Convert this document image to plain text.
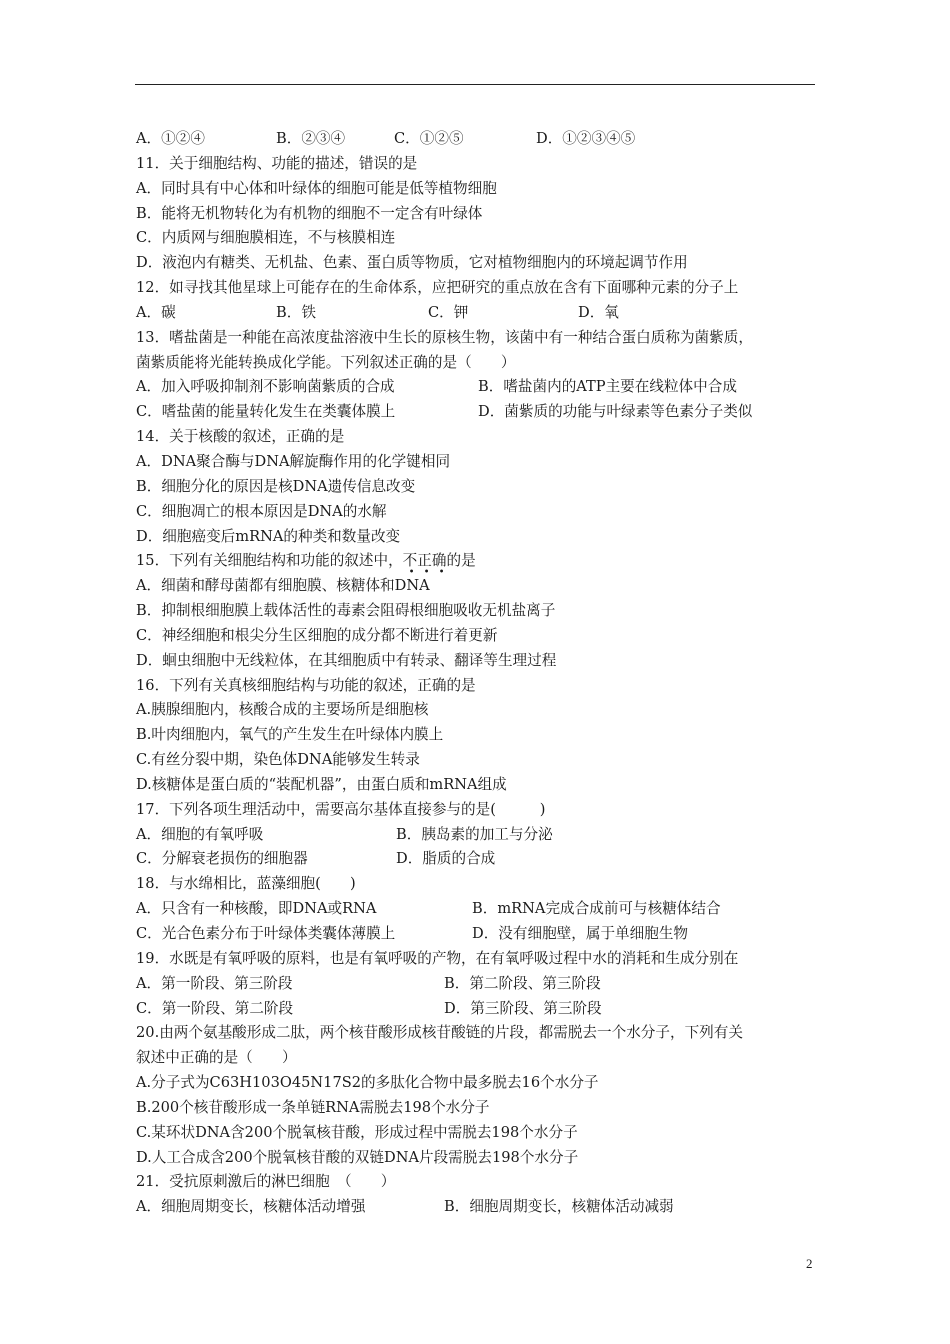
A．①②④	B．②③④	C．①②⑤	D．①②③④⑤
11．关于细胞结构、功能的描述，错误的是
A．同时具有中心体和叶绿体的细胞可能是低等植物细胞
B．能将无机物转化为有机物的细胞不一定含有叶绿体
C．内质网与细胞膜相连，不与核膜相连
D．液泡内有糖类、无机盐、色素、蛋白质等物质，它对植物细胞内的环境起调节作用
12．如寻找其他星球上可能存在的生命体系，应把研究的重点放在含有下面哪种元素的分子上
A．碳	B．铁	C．钾	D．氧
13．嗜盐菌是一种能在高浓度盐溶液中生长的原核生物，该菌中有一种结合蛋白质称为菌紫质，
菌紫质能将光能转换成化学能。下列叙述正确的是（　　）
A．加入呼吸抑制剂不影响菌紫质的合成	B．嗜盐菌内的ATP主要在线粒体中合成
C．嗜盐菌的能量转化发生在类囊体膜上	D．菌紫质的功能与叶绿素等色素分子类似
14．关于核酸的叙述，正确的是
A．DNA聚合酶与DNA解旋酶作用的化学键相同
B．细胞分化的原因是核DNA遗传信息改变
C．细胞凋亡的根本原因是DNA的水解
D．细胞癌变后mRNA的种类和数量改变
15．下列有关细胞结构和功能的叙述中，不正确
• • •
的是
A．细菌和酵母菌都有细胞膜、核糖体和DNA
B．抑制根细胞膜上载体活性的毒素会阻碍根细胞吸收无机盐离子
C．神经细胞和根尖分生区细胞的成分都不断进行着更新
D．蛔虫细胞中无线粒体，在其细胞质中有转录、翻译等生理过程
16．下列有关真核细胞结构与功能的叙述，正确的是
A.胰腺细胞内，核酸合成的主要场所是细胞核
B.叶肉细胞内，氧气的产生发生在叶绿体内膜上
C.有丝分裂中期，染色体DNA能够发生转录
D.核糖体是蛋白质的“装配机器”，由蛋白质和mRNA组成
17．下列各项生理活动中，需要高尔基体直接参与的是(　　　)
A．细胞的有氧呼吸	B．胰岛素的加工与分泌
C．分解衰老损伤的细胞器	D．脂质的合成
18．与水绵相比，蓝藻细胞(　　)
A．只含有一种核酸，即DNA或RNA	B．mRNA完成合成前可与核糖体结合
C．光合色素分布于叶绿体类囊体薄膜上	D．没有细胞壁，属于单细胞生物
19．水既是有氧呼吸的原料，也是有氧呼吸的产物，在有氧呼吸过程中水的消耗和生成分别在
A．第一阶段、第三阶段	B．第二阶段、第三阶段
C．第一阶段、第二阶段	D．第三阶段、第三阶段
20.由两个氨基酸形成二肽，两个核苷酸形成核苷酸链的片段，都需脱去一个水分子，下列有关
叙述中正确的是（　　）
A.分子式为C63H103O45N17S2的多肽化合物中最多脱去16个水分子
B.200个核苷酸形成一条单链RNA需脱去198个水分子
C.某环状DNA含200个脱氧核苷酸，形成过程中需脱去198个水分子
D.人工合成含200个脱氧核苷酸的双链DNA片段需脱去198个水分子
21．受抗原刺激后的淋巴细胞　（　　）
A．细胞周期变长，核糖体活动增强	B．细胞周期变长，核糖体活动减弱
2
